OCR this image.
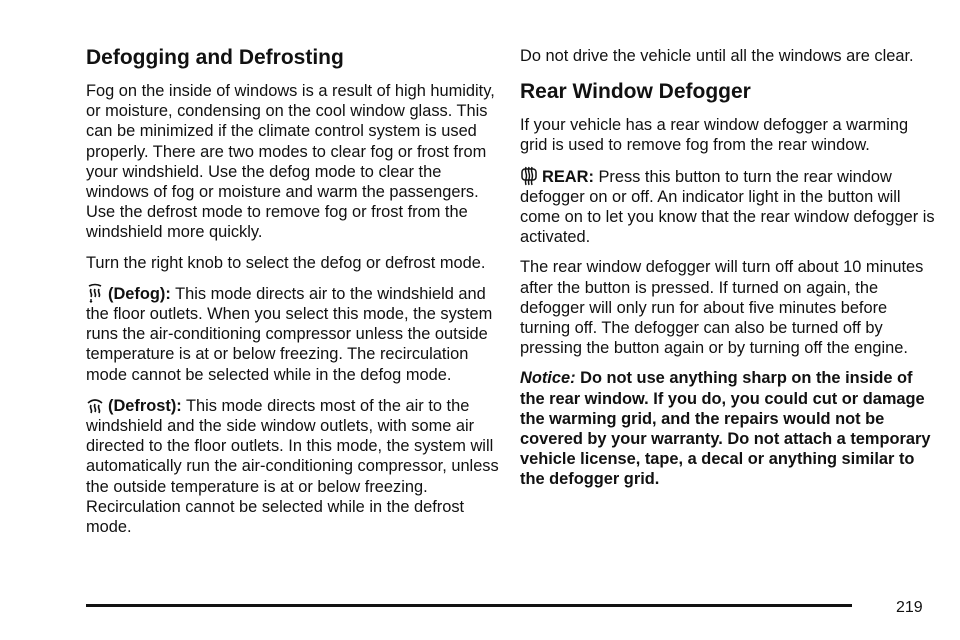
Defogging and Defrosting

Fog on the inside of windows is a result of high humidity, or moisture, condensing on the cool window glass. This can be minimized if the climate control system is used properly. There are two modes to clear fog or frost from your windshield. Use the defog mode to clear the windows of fog or moisture and warm the passengers. Use the defrost mode to remove fog or frost from the windshield more quickly.

Turn the right knob to select the defog or defrost mode.

(Defog): This mode directs air to the windshield and the floor outlets. When you select this mode, the system runs the air-conditioning compressor unless the outside temperature is at or below freezing. The recirculation mode cannot be selected while in the defog mode.

(Defrost): This mode directs most of the air to the windshield and the side window outlets, with some air directed to the floor outlets. In this mode, the system will automatically run the air-conditioning compressor, unless the outside temperature is at or below freezing. Recirculation cannot be selected while in the defrost mode.

Do not drive the vehicle until all the windows are clear.

Rear Window Defogger

If your vehicle has a rear window defogger a warming grid is used to remove fog from the rear window.

REAR: Press this button to turn the rear window defogger on or off. An indicator light in the button will come on to let you know that the rear window defogger is activated.

The rear window defogger will turn off about 10 minutes after the button is pressed. If turned on again, the defogger will only run for about five minutes before turning off. The defogger can also be turned off by pressing the button again or by turning off the engine.

Notice: Do not use anything sharp on the inside of the rear window. If you do, you could cut or damage the warming grid, and the repairs would not be covered by your warranty. Do not attach a temporary vehicle license, tape, a decal or anything similar to the defogger grid.

219
